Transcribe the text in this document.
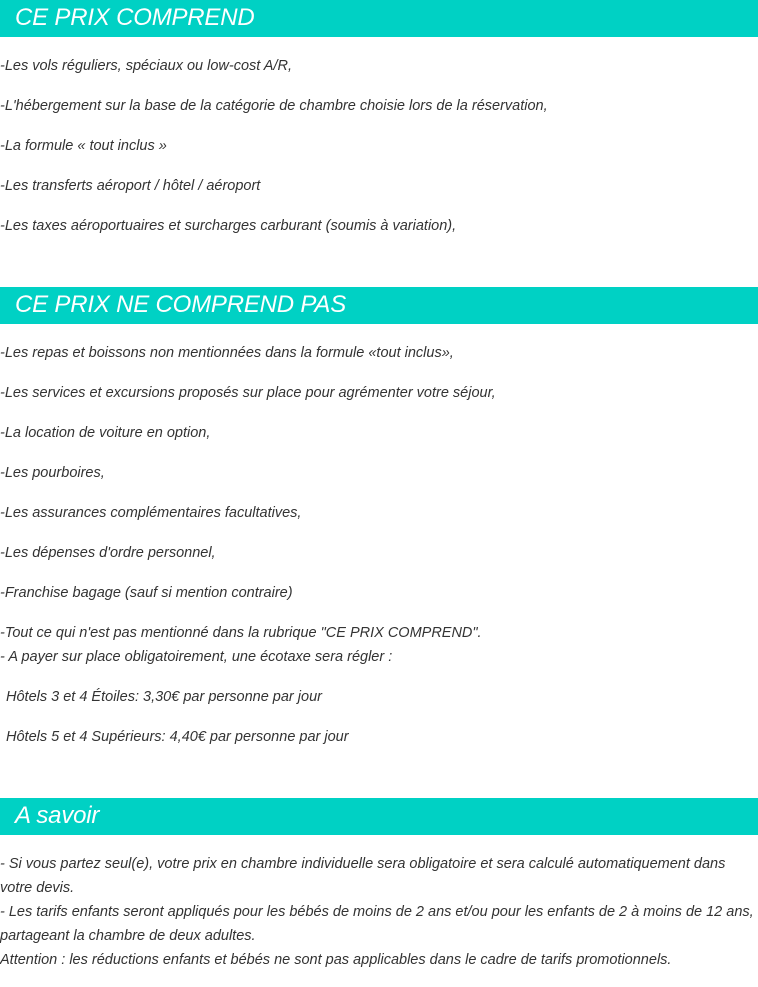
CE PRIX COMPREND

-Les vols réguliers, spéciaux ou low-cost A/R,

-L'hébergement sur la base de la catégorie de chambre choisie lors de la réservation,

-La formule « tout inclus »

-Les transferts aéroport / hôtel / aéroport

-Les taxes aéroportuaires et surcharges carburant (soumis à variation),

CE PRIX NE COMPREND PAS

-Les repas et boissons non mentionnées dans la formule «tout inclus»,

-Les services et excursions proposés sur place pour agrémenter votre séjour,

-La location de voiture en option,

-Les pourboires,

-Les assurances complémentaires facultatives,

-Les dépenses d'ordre personnel,

-Franchise bagage (sauf si mention contraire)

-Tout ce qui n'est pas mentionné dans la rubrique "CE PRIX COMPREND".

- A payer sur place obligatoirement, une écotaxe sera régler :

Hôtels 3 et 4 Étoiles: 3,30€ par personne par jour

Hôtels 5 et 4 Supérieurs: 4,40€ par personne par jour

A savoir

- Si vous partez seul(e), votre prix en chambre individuelle sera obligatoire et sera calculé automatiquement dans votre devis.

- Les tarifs enfants seront appliqués pour les bébés de moins de 2 ans et/ou pour les enfants de 2 à moins de 12 ans, partageant la chambre de deux adultes.

Attention : les réductions enfants et bébés ne sont pas applicables dans le cadre de tarifs promotionnels.
